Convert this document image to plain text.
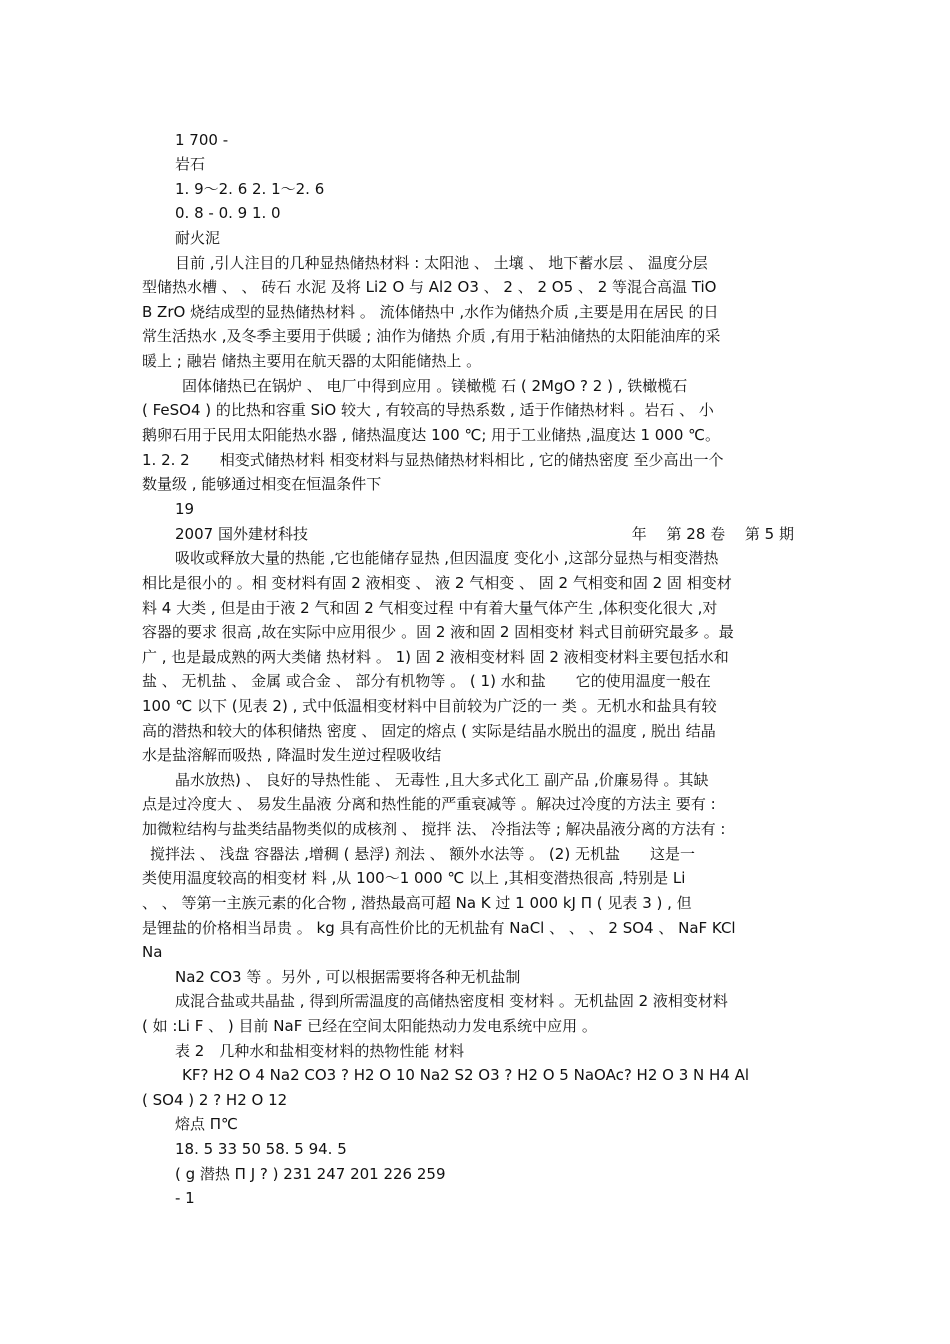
1 700 -
岩石
1. 9～2. 6 2. 1～2. 6
0. 8 - 0. 9 1. 0
耐火泥
目前 ,引人注目的几种显热储热材料 : 太阳池 、 土壤 、 地下蓄水层 、 温度分层
型储热水槽 、 、 砖石 水泥 及将 Li2 O 与 Al2 O3 、 2 、 2 O5 、 2 等混合高温 TiO
B ZrO 烧结成型的显热储热材料 。 流体储热中 ,水作为储热介质 ,主要是用在居民 的日
常生活热水 ,及冬季主要用于供暖 ; 油作为储热 介质 ,有用于粘油储热的太阳能油库的采
暖上 ; 融岩 储热主要用在航天器的太阳能储热上 。
固体储热已在锅炉 、 电厂中得到应用 。镁橄榄 石 ( 2MgO ? 2 ) , 铁橄榄石
( FeSO4 ) 的比热和容重 SiO 较大 , 有较高的导热系数 , 适于作储热材料 。岩石 、 小
鹅卵石用于民用太阳能热水器 , 储热温度达 100 ℃; 用于工业储热 ,温度达 1 000 ℃。
1. 2. 2　　相变式储热材料 相变材料与显热储热材料相比 , 它的储热密度 至少高出一个
数量级 , 能够通过相变在恒温条件下
19
2007 国外建材科技	年　 第 28 卷　 第 5 期
吸收或释放大量的热能 ,它也能储存显热 ,但因温度 变化小 ,这部分显热与相变潜热
相比是很小的 。相 变材料有固 2 液相变 、 液 2 气相变 、 固 2 气相变和固 2 固 相变材
料 4 大类 , 但是由于液 2 气和固 2 气相变过程 中有着大量气体产生 ,体积变化很大 ,对
容器的要求 很高 ,故在实际中应用很少 。固 2 液和固 2 固相变材 料式目前研究最多 。最
广 , 也是最成熟的两大类储 热材料 。 1) 固 2 液相变材料 固 2 液相变材料主要包括水和
盐 、 无机盐 、 金属 或合金 、 部分有机物等 。 ( 1) 水和盐　　它的使用温度一般在
100 ℃ 以下 (见表 2) , 式中低温相变材料中目前较为广泛的一 类 。无机水和盐具有较
高的潜热和较大的体积储热 密度 、 固定的熔点 ( 实际是结晶水脱出的温度 , 脱出 结晶
水是盐溶解而吸热 , 降温时发生逆过程吸收结
晶水放热) 、 良好的导热性能 、 无毒性 ,且大多式化工 副产品 ,价廉易得 。其缺
点是过冷度大 、 易发生晶液 分离和热性能的严重衰减等 。解决过冷度的方法主 要有 :
加微粒结构与盐类结晶物类似的成核剂 、 搅拌 法、 冷指法等 ; 解决晶液分离的方法有 :
搅拌法 、 浅盘 容器法 ,增稠 ( 悬浮) 剂法 、 额外水法等 。 (2) 无机盐　　这是一
类使用温度较高的相变材 料 ,从 100～1 000 ℃ 以上 ,其相变潜热很高 ,特别是 Li
、 、 等第一主族元素的化合物 , 潜热最高可超 Na K 过 1 000 kJ Π ( 见表 3 ) , 但
是锂盐的价格相当昂贵 。 kg 具有高性价比的无机盐有 NaCl 、 、 、 2 SO4 、 NaF KCl
Na
Na2 CO3 等 。另外 , 可以根据需要将各种无机盐制
成混合盐或共晶盐 , 得到所需温度的高储热密度相 变材料 。无机盐固 2 液相变材料
( 如 :Li F 、 ) 目前 NaF 已经在空间太阳能热动力发电系统中应用 。
表 2　几种水和盐相变材料的热物性能 材料
KF? H2 O 4 Na2 CO3 ? H2 O 10 Na2 S2 O3 ? H2 O 5 NaOAc? H2 O 3 N H4 Al
( SO4 ) 2 ? H2 O 12
熔点 Π℃
18. 5 33 50 58. 5 94. 5
( g 潜热 Π J ? ) 231 247 201 226 259
- 1
